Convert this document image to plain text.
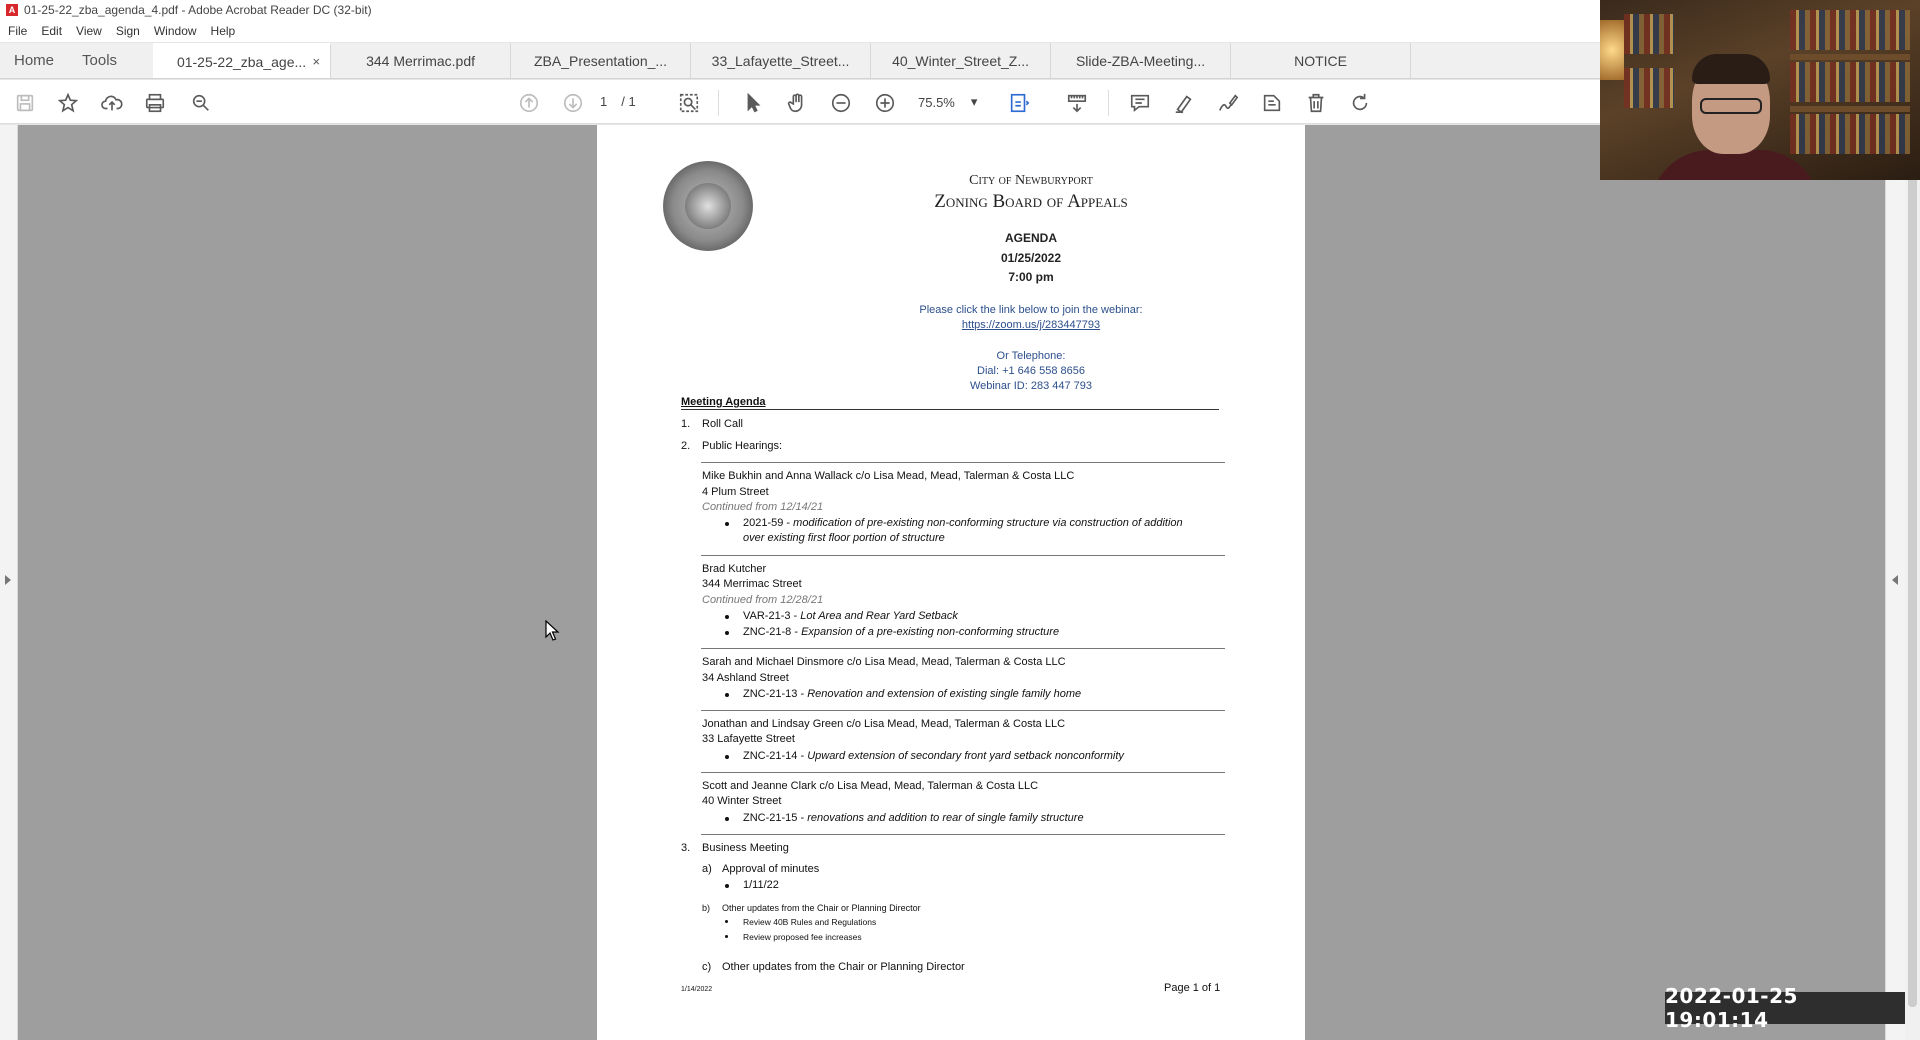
A 01-25-22_zba_agenda_4.pdf - Adobe Acrobat Reader DC (32-bit)
File Edit View Sign Window Help
Home	Tools	01-25-22_zba_age... ×	344 Merrimac.pdf	ZBA_Presentation_...	33_Lafayette_Street...	40_Winter_Street_Z...	Slide-ZBA-Meeting...	NOTICE
1 / 1	75.5% ▾
City of Newburyport
Zoning Board of Appeals
AGENDA
01/25/2022
7:00 pm
Please click the link below to join the webinar:
https://zoom.us/j/283447793
Or Telephone:
Dial: +1 646 558 8656
Webinar ID: 283 447 793
Meeting Agenda
1. Roll Call
2. Public Hearings:
Mike Bukhin and Anna Wallack c/o Lisa Mead, Mead, Talerman & Costa LLC
4 Plum Street
Continued from 12/14/21
2021-59 - modification of pre-existing non-conforming structure via construction of addition
over existing first floor portion of structure
Brad Kutcher
344 Merrimac Street
Continued from 12/28/21
VAR-21-3 - Lot Area and Rear Yard Setback
ZNC-21-8 - Expansion of a pre-existing non-conforming structure
Sarah and Michael Dinsmore c/o Lisa Mead, Mead, Talerman & Costa LLC
34 Ashland Street
ZNC-21-13 - Renovation and extension of existing single family home
Jonathan and Lindsay Green c/o Lisa Mead, Mead, Talerman & Costa LLC
33 Lafayette Street
ZNC-21-14 - Upward extension of secondary front yard setback nonconformity
Scott and Jeanne Clark c/o Lisa Mead, Mead, Talerman & Costa LLC
40 Winter Street
ZNC-21-15 - renovations and addition to rear of single family structure
3. Business Meeting
a) Approval of minutes
1/11/22
b) Other updates from the Chair or Planning Director
Review 40B Rules and Regulations
Review proposed fee increases
c) Other updates from the Chair or Planning Director
1/14/2022	Page 1 of 1	2022-01-25 19:01:14
